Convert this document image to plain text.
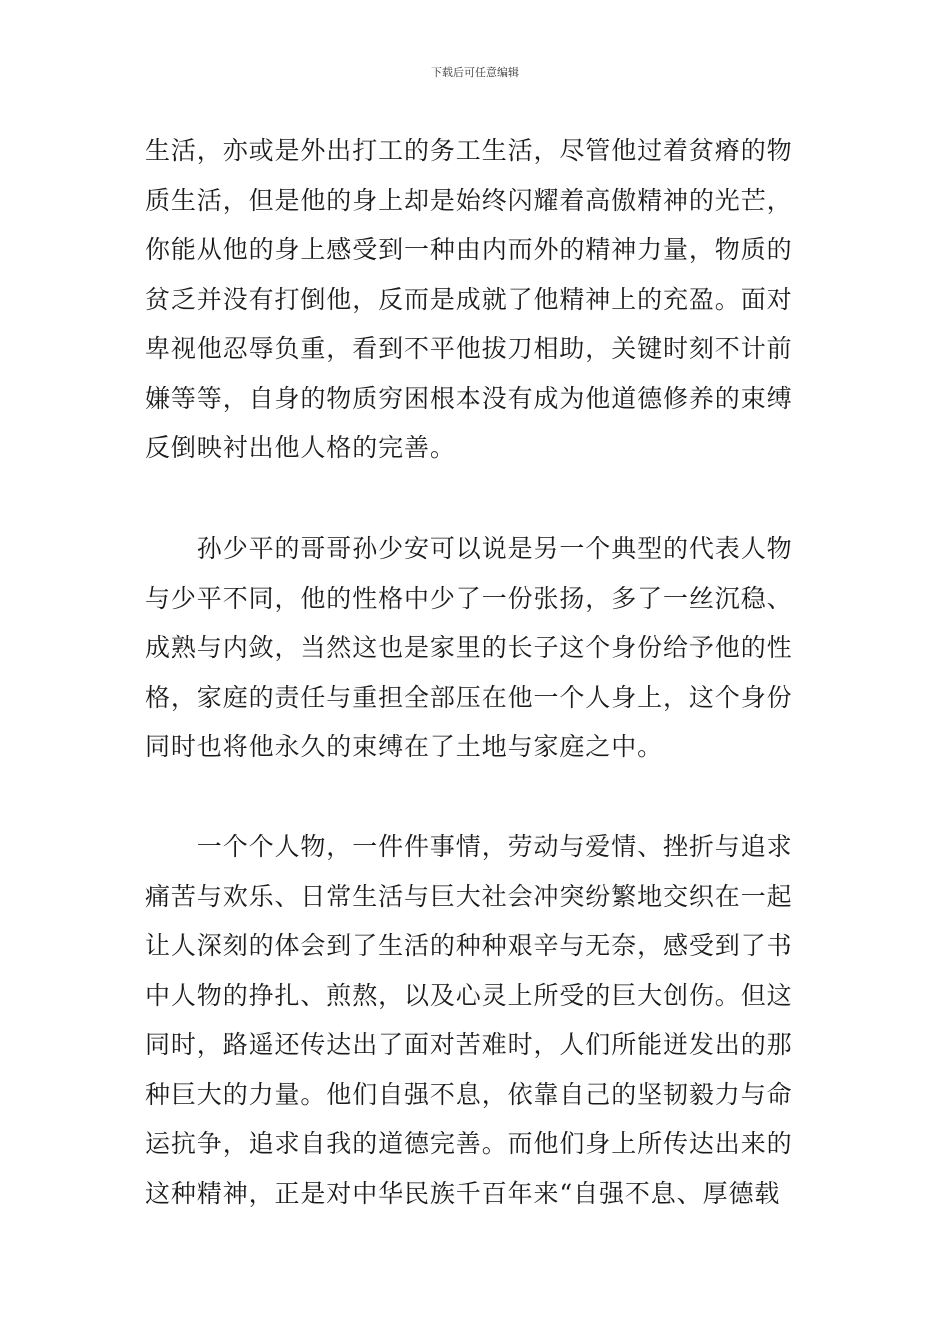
下载后可任意编辑
生活，亦或是外出打工的务工生活，尽管他过着贫瘠的物
质生活，但是他的身上却是始终闪耀着高傲精神的光芒，
你能从他的身上感受到一种由内而外的精神力量，物质的
贫乏并没有打倒他，反而是成就了他精神上的充盈。面对
卑视他忍辱负重，看到不平他拔刀相助，关键时刻不计前
嫌等等，自身的物质穷困根本没有成为他道德修养的束缚
反倒映衬出他人格的完善。
　　孙少平的哥哥孙少安可以说是另一个典型的代表人物
与少平不同，他的性格中少了一份张扬，多了一丝沉稳、
成熟与内敛，当然这也是家里的长子这个身份给予他的性
格，家庭的责任与重担全部压在他一个人身上，这个身份
同时也将他永久的束缚在了土地与家庭之中。
　　一个个人物，一件件事情，劳动与爱情、挫折与追求
痛苦与欢乐、日常生活与巨大社会冲突纷繁地交织在一起
让人深刻的体会到了生活的种种艰辛与无奈，感受到了书
中人物的挣扎、煎熬，以及心灵上所受的巨大创伤。但这
同时，路遥还传达出了面对苦难时，人们所能迸发出的那
种巨大的力量。他们自强不息，依靠自己的坚韧毅力与命
运抗争，追求自我的道德完善。而他们身上所传达出来的
这种精神，正是对中华民族千百年来“自强不息、厚德载
